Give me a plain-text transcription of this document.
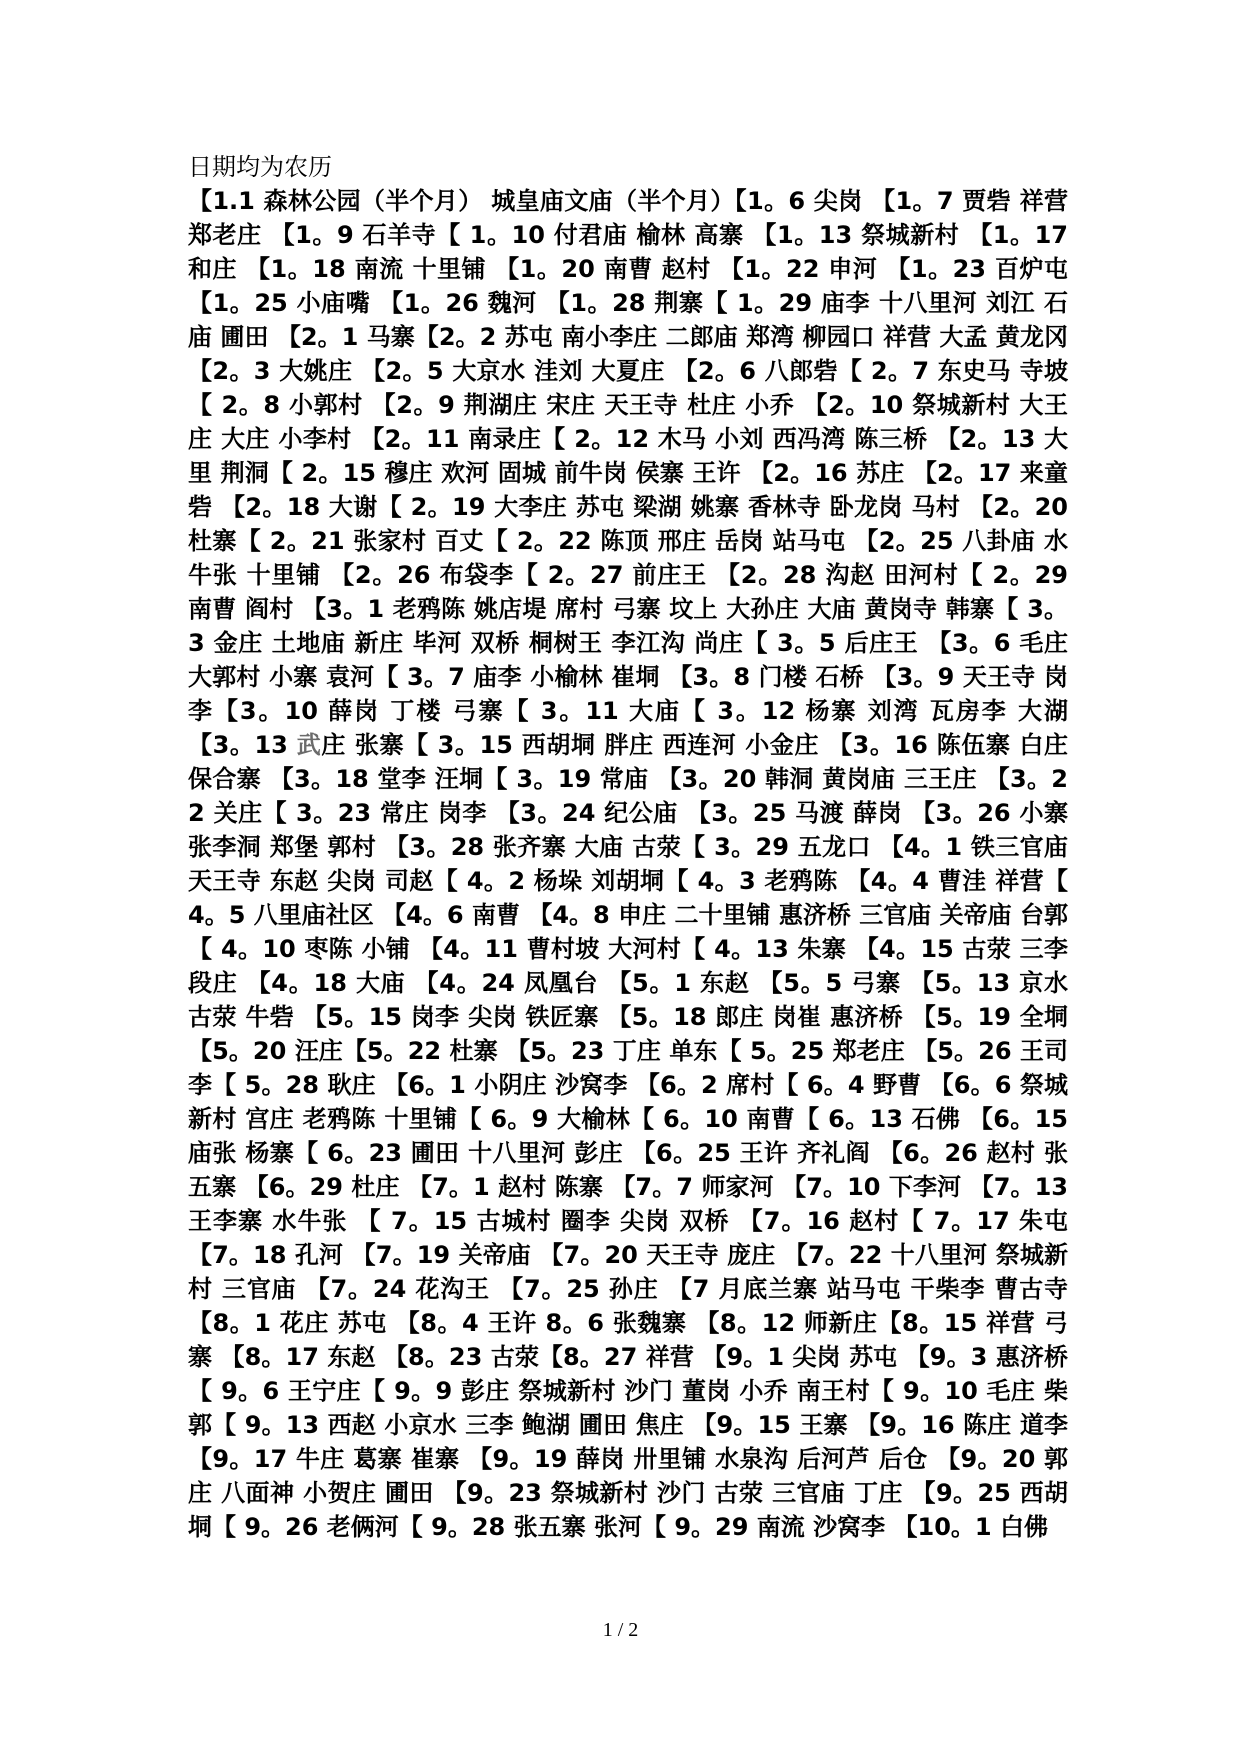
日期均为农历
【1.1 森林公园（半个月） 城皇庙文庙（半个月）【1。6 尖岗 【1。7 贾砦 祥营 郑老庄 【1。9 石羊寺【 1。10 付君庙 榆林 高寨 【1。13 祭城新村 【1。17 和庄 【1。18 南流 十里铺 【1。20 南曹 赵村 【1。22 申河 【1。23 百炉屯 【1。25 小庙嘴 【1。26 魏河 【1。28 荆寨【 1。29 庙李 十八里河 刘江 石庙 圃田 【2。1 马寨【2。2 苏屯 南小李庄 二郎庙 郑湾 柳园口 祥营 大孟 黄龙冈 【2。3 大姚庄 【2。5 大京水 洼刘 大夏庄 【2。6 八郎砦【 2。7 东史马 寺坡【 2。8 小郭村 【2。9 荆湖庄 宋庄 天王寺 杜庄 小乔 【2。10 祭城新村 大王庄 大庄 小李村 【2。11 南录庄【 2。12 木马 小刘 西冯湾 陈三桥 【2。13 大里 荆洞【 2。15 穆庄 欢河 固城 前牛岗 侯寨 王许 【2。16 苏庄 【2。17 来童砦 【2。18 大谢【 2。19 大李庄 苏屯 梁湖 姚寨 香林寺 卧龙岗 马村 【2。20 杜寨【 2。21 张家村 百丈【 2。22 陈顶 邢庄 岳岗 站马屯 【2。25 八卦庙 水牛张 十里铺 【2。26 布袋李【 2。27 前庄王 【2。28 沟赵 田河村【 2。29 南曹 阎村 【3。1 老鸦陈 姚店堤 席村 弓寨 坟上 大孙庄 大庙 黄岗寺 韩寨【 3。3 金庄 土地庙 新庄 毕河 双桥 桐树王 李江沟 尚庄【 3。5 后庄王 【3。6 毛庄 大郭村 小寨 袁河【 3。7 庙李 小榆林 崔垌 【3。8 门楼 石桥 【3。9 天王寺 岗李【3。10 薛岗 丁楼 弓寨【 3。11 大庙【 3。12 杨寨 刘湾 瓦房李 大湖 【3。13 武庄 张寨【 3。15 西胡垌 胖庄 西连河 小金庄 【3。16 陈伍寨 白庄 保合寨 【3。18 堂李 汪垌【 3。19 常庙 【3。20 韩洞 黄岗庙 三王庄 【3。22 关庄【 3。23 常庄 岗李 【3。24 纪公庙 【3。25 马渡 薛岗 【3。26 小寨 张李洞 郑堡 郭村 【3。28 张齐寨 大庙 古荥【 3。29 五龙口 【4。1 铁三官庙 天王寺 东赵 尖岗 司赵【 4。2 杨垛 刘胡垌【 4。3 老鸦陈 【4。4 曹洼 祥营【 4。5 八里庙社区 【4。6 南曹 【4。8 申庄 二十里铺 惠济桥 三官庙 关帝庙 台郭【 4。10 枣陈 小铺 【4。11 曹村坡 大河村【 4。13 朱寨 【4。15 古荥 三李 段庄 【4。18 大庙 【4。24 凤凰台 【5。1 东赵 【5。5 弓寨 【5。13 京水 古荥 牛砦 【5。15 岗李 尖岗 铁匠寨 【5。18 郎庄 岗崔 惠济桥 【5。19 全垌 【5。20 汪庄【5。22 杜寨 【5。23 丁庄 单东【 5。25 郑老庄 【5。26 王司李【 5。28 耿庄 【6。1 小阴庄 沙窝李 【6。2 席村【 6。4 野曹 【6。6 祭城新村 宫庄 老鸦陈 十里铺【 6。9 大榆林【 6。10 南曹【 6。13 石佛 【6。15 庙张 杨寨【 6。23 圃田 十八里河 彭庄 【6。25 王许 齐礼阎 【6。26 赵村 张五寨 【6。29 杜庄 【7。1 赵村 陈寨 【7。7 师家河 【7。10 下李河 【7。13 王李寨 水牛张 【 7。15 古城村 圈李 尖岗 双桥 【7。16 赵村【 7。17 朱屯 【7。18 孔河 【7。19 关帝庙 【7。20 天王寺 庞庄 【7。22 十八里河 祭城新村 三官庙 【7。24 花沟王 【7。25 孙庄 【7 月底兰寨 站马屯 干柴李 曹古寺 【8。1 花庄 苏屯 【8。4 王许 8。6 张魏寨 【8。12 师新庄【8。15 祥营 弓寨 【8。17 东赵 【8。23 古荥【8。27 祥营 【9。1 尖岗 苏屯 【9。3 惠济桥【 9。6 王宁庄【 9。9 彭庄 祭城新村 沙门 董岗 小乔 南王村【 9。10 毛庄 柴郭【 9。13 西赵 小京水 三李 鲍湖 圃田 焦庄 【9。15 王寨 【9。16 陈庄 道李 【9。17 牛庄 葛寨 崔寨 【9。19 薛岗 卅里铺 水泉沟 后河芦 后仓 【9。20 郭庄 八面神 小贺庄 圃田 【9。23 祭城新村 沙门 古荥 三官庙 丁庄 【9。25 西胡垌【 9。26 老俩河【 9。28 张五寨 张河【 9。29 南流 沙窝李 【10。1 白佛
1 / 2
